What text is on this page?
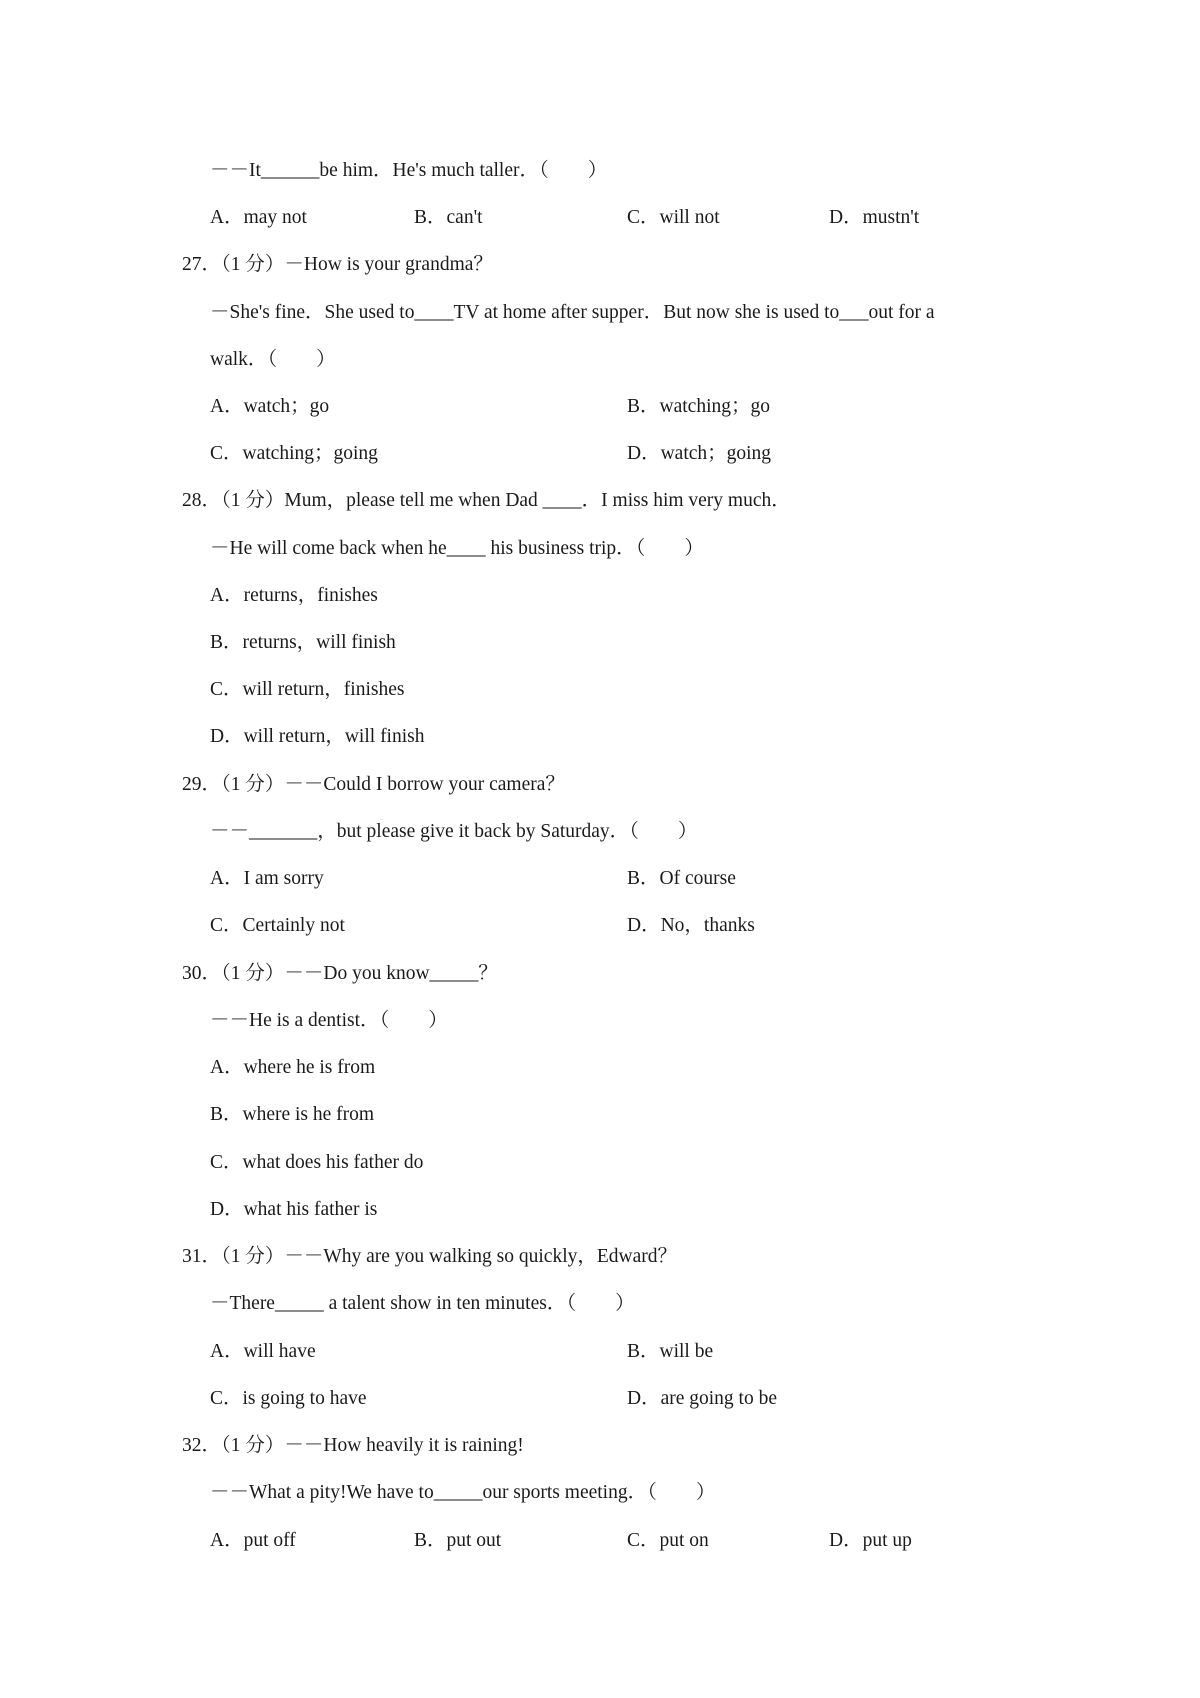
－－It______be him．He's much taller．（　　）
A．may not	B．can't	C．will not	D．mustn't
27．（1 分）－How is your grandma？
－She's fine．She used to____TV at home after supper．But now she is used to___out for a
walk．（　　）
A．watch；go	B．watching；go
C．watching；going	D．watch；going
28．（1 分）Mum，please tell me when Dad ____．I miss him very much．
－He will come back when he____ his business trip．（　　）
A．returns，finishes
B．returns，will finish
C．will return，finishes
D．will return，will finish
29．（1 分）－－Could I borrow your camera？
－－_______，but please give it back by Saturday．（　　）
A．I am sorry	B．Of course
C．Certainly not	D．No，thanks
30．（1 分）－－Do you know_____？
－－He is a dentist．（　　）
A．where he is from
B．where is he from
C．what does his father do
D．what his father is
31．（1 分）－－Why are you walking so quickly，Edward？
－There_____ a talent show in ten minutes．（　　）
A．will have	B．will be
C．is going to have	D．are going to be
32．（1 分）－－How heavily it is raining!
－－What a pity!We have to_____our sports meeting．（　　）
A．put off	B．put out	C．put on	D．put up
